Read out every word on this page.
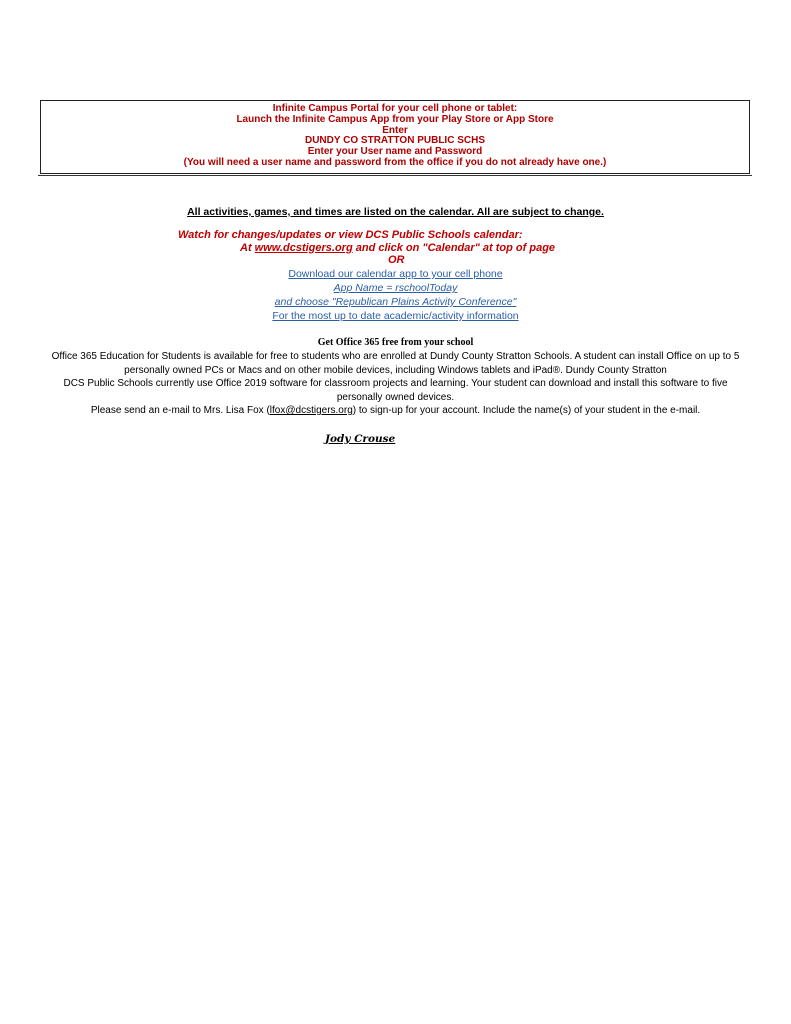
Infinite Campus Portal for your cell phone or tablet:
Launch the Infinite Campus App from your Play Store or App Store
Enter
DUNDY CO STRATTON PUBLIC SCHS
Enter your User name and Password
(You will need a user name and password from the office if you do not already have one.)
All activities, games, and times are listed on the calendar. All are subject to change.
Watch for changes/updates or view DCS Public Schools calendar:
At www.dcstigers.org and click on "Calendar" at top of page
OR
Download our calendar app to your cell phone
App Name = rschoolToday
and choose "Republican Plains Activity Conference"
For the most up to date academic/activity information
Get Office 365 free from your school
Office 365 Education for Students is available for free to students who are enrolled at Dundy County Stratton Schools. A student can install Office on up to 5 personally owned PCs or Macs and on other mobile devices, including Windows tablets and iPad®. Dundy County Stratton
DCS Public Schools currently use Office 2019 software for classroom projects and learning. Your student can download and install this software to five personally owned devices.
Please send an e-mail to Mrs. Lisa Fox (lfox@dcstigers.org) to sign-up for your account. Include the name(s) of your student in the e-mail.
Jody Crouse
